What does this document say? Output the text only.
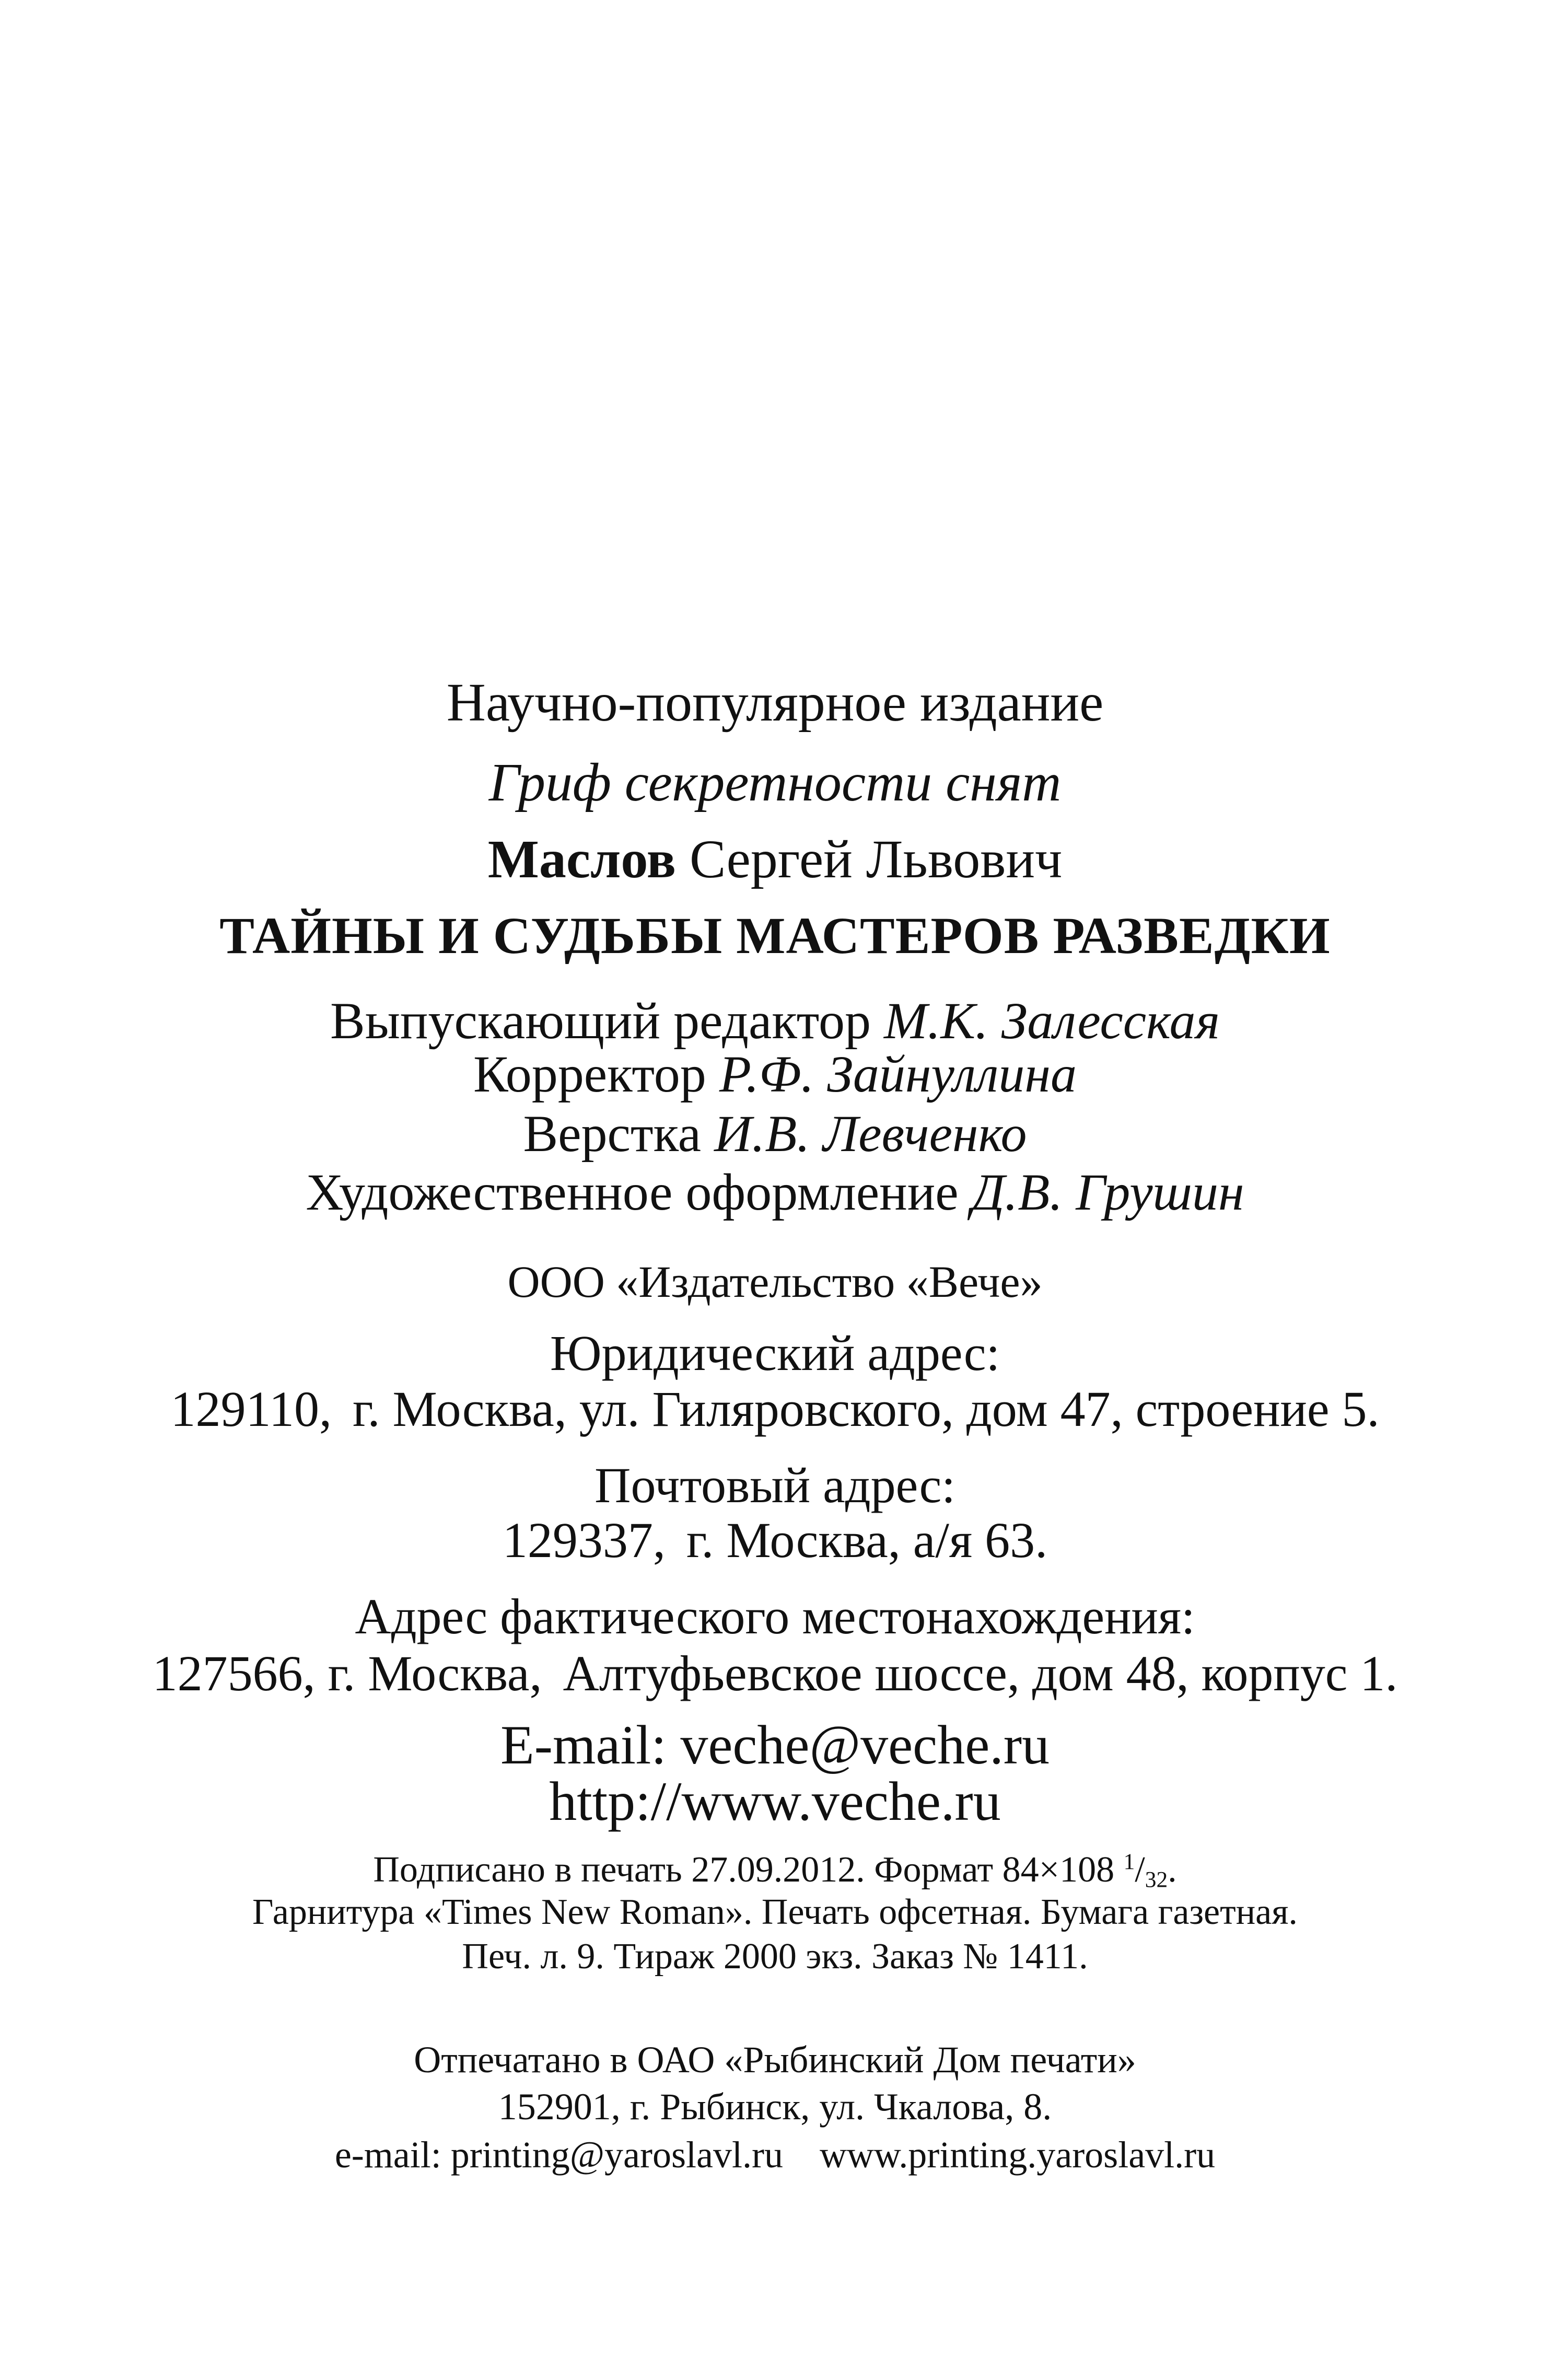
Научно-популярное издание
Гриф секретности снят
Маслов Сергей Львович
ТАЙНЫ И СУДЬБЫ МАСТЕРОВ РАЗВЕДКИ
Выпускающий редактор М.К. Залесская
Корректор Р.Ф. Зайнуллина
Верстка И.В. Левченко
Художественное оформление Д.В. Грушин
ООО «Издательство «Вече»
Юридический адрес:
129110, г. Москва, ул. Гиляровского, дом 47, строение 5.
Почтовый адрес:
129337, г. Москва, а/я 63.
Адрес фактического местонахождения:
127566, г. Москва, Алтуфьевское шоссе, дом 48, корпус 1.
E-mail: veche@veche.ru
http://www.veche.ru
Подписано в печать 27.09.2012. Формат 84×108 $^1/_{32}$.
Гарнитура «Times New Roman». Печать офсетная. Бумага газетная.
Печ. л. 9. Тираж 2000 экз. Заказ № 1411.
Отпечатано в ОАО «Рыбинский Дом печати»
152901, г. Рыбинск, ул. Чкалова, 8.
e-mail: printing@yaroslavl.ru www.printing.yaroslavl.ru
